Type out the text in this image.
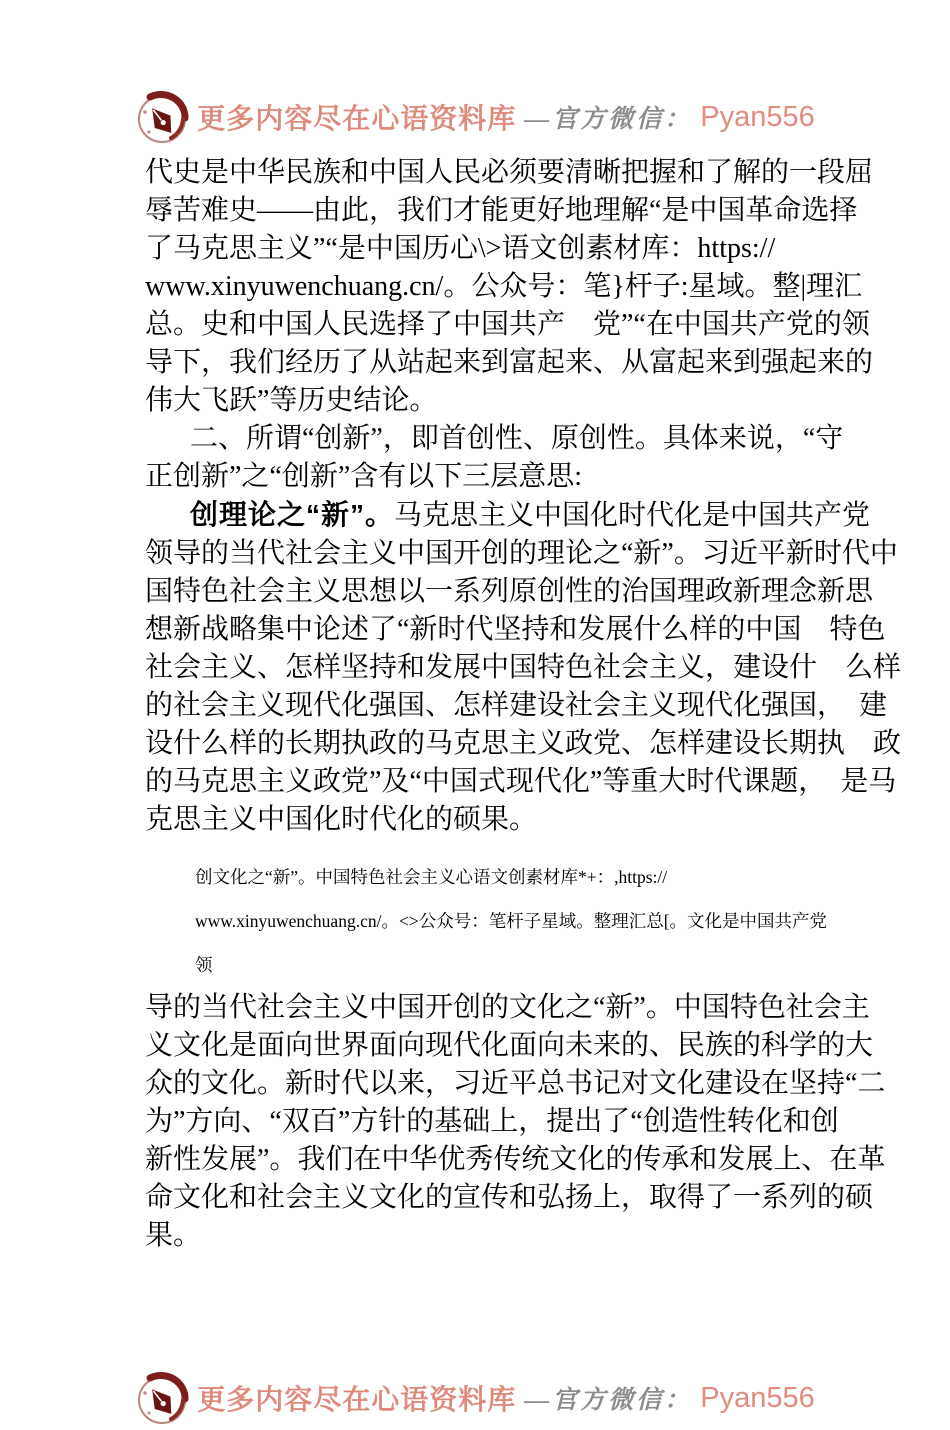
更多内容尽在心语资料库 —官方微信： Pyan556
代史是中华民族和中国人民必须要清晰把握和了解的一段屈
辱苦难史——由此，我们才能更好地理解“是中国革命选择
了马克思主义”“是中国历心\>语文创素材库：https://
www.xinyuwenchuang.cn/。公众号：笔}杆子:星域。整|理汇
总。史和中国人民选择了中国共产　党”“在中国共产党的领
导下，我们经历了从站起来到富起来、从富起来到强起来的
伟大飞跃”等历史结论。
二、所谓“创新”，即首创性、原创性。具体来说，“守
正创新”之“创新”含有以下三层意思:
创理论之“新”。马克思主义中国化时代化是中国共产党
领导的当代社会主义中国开创的理论之“新”。习近平新时代中
国特色社会主义思想以一系列原创性的治国理政新理念新思
想新战略集中论述了“新时代坚持和发展什么样的中国　特色
社会主义、怎样坚持和发展中国特色社会主义，建设什　么样
的社会主义现代化强国、怎样建设社会主义现代化强国，　建
设什么样的长期执政的马克思主义政党、怎样建设长期执　政
的马克思主义政党”及“中国式现代化”等重大时代课题，　是马
克思主义中国化时代化的硕果。
创文化之“新”。中国特色社会主义心语文创素材库*+：,https://
www.xinyuwenchuang.cn/。<>公众号：笔杆子星域。整理汇总[。文化是中国共产党
领
导的当代社会主义中国开创的文化之“新”。中国特色社会主
义文化是面向世界面向现代化面向未来的、民族的科学的大
众的文化。新时代以来，习近平总书记对文化建设在坚持“二
为”方向、“双百”方针的基础上，提出了“创造性转化和创
新性发展”。我们在中华优秀传统文化的传承和发展上、在革
命文化和社会主义文化的宣传和弘扬上，取得了一系列的硕
果。
更多内容尽在心语资料库 —官方微信： Pyan556
